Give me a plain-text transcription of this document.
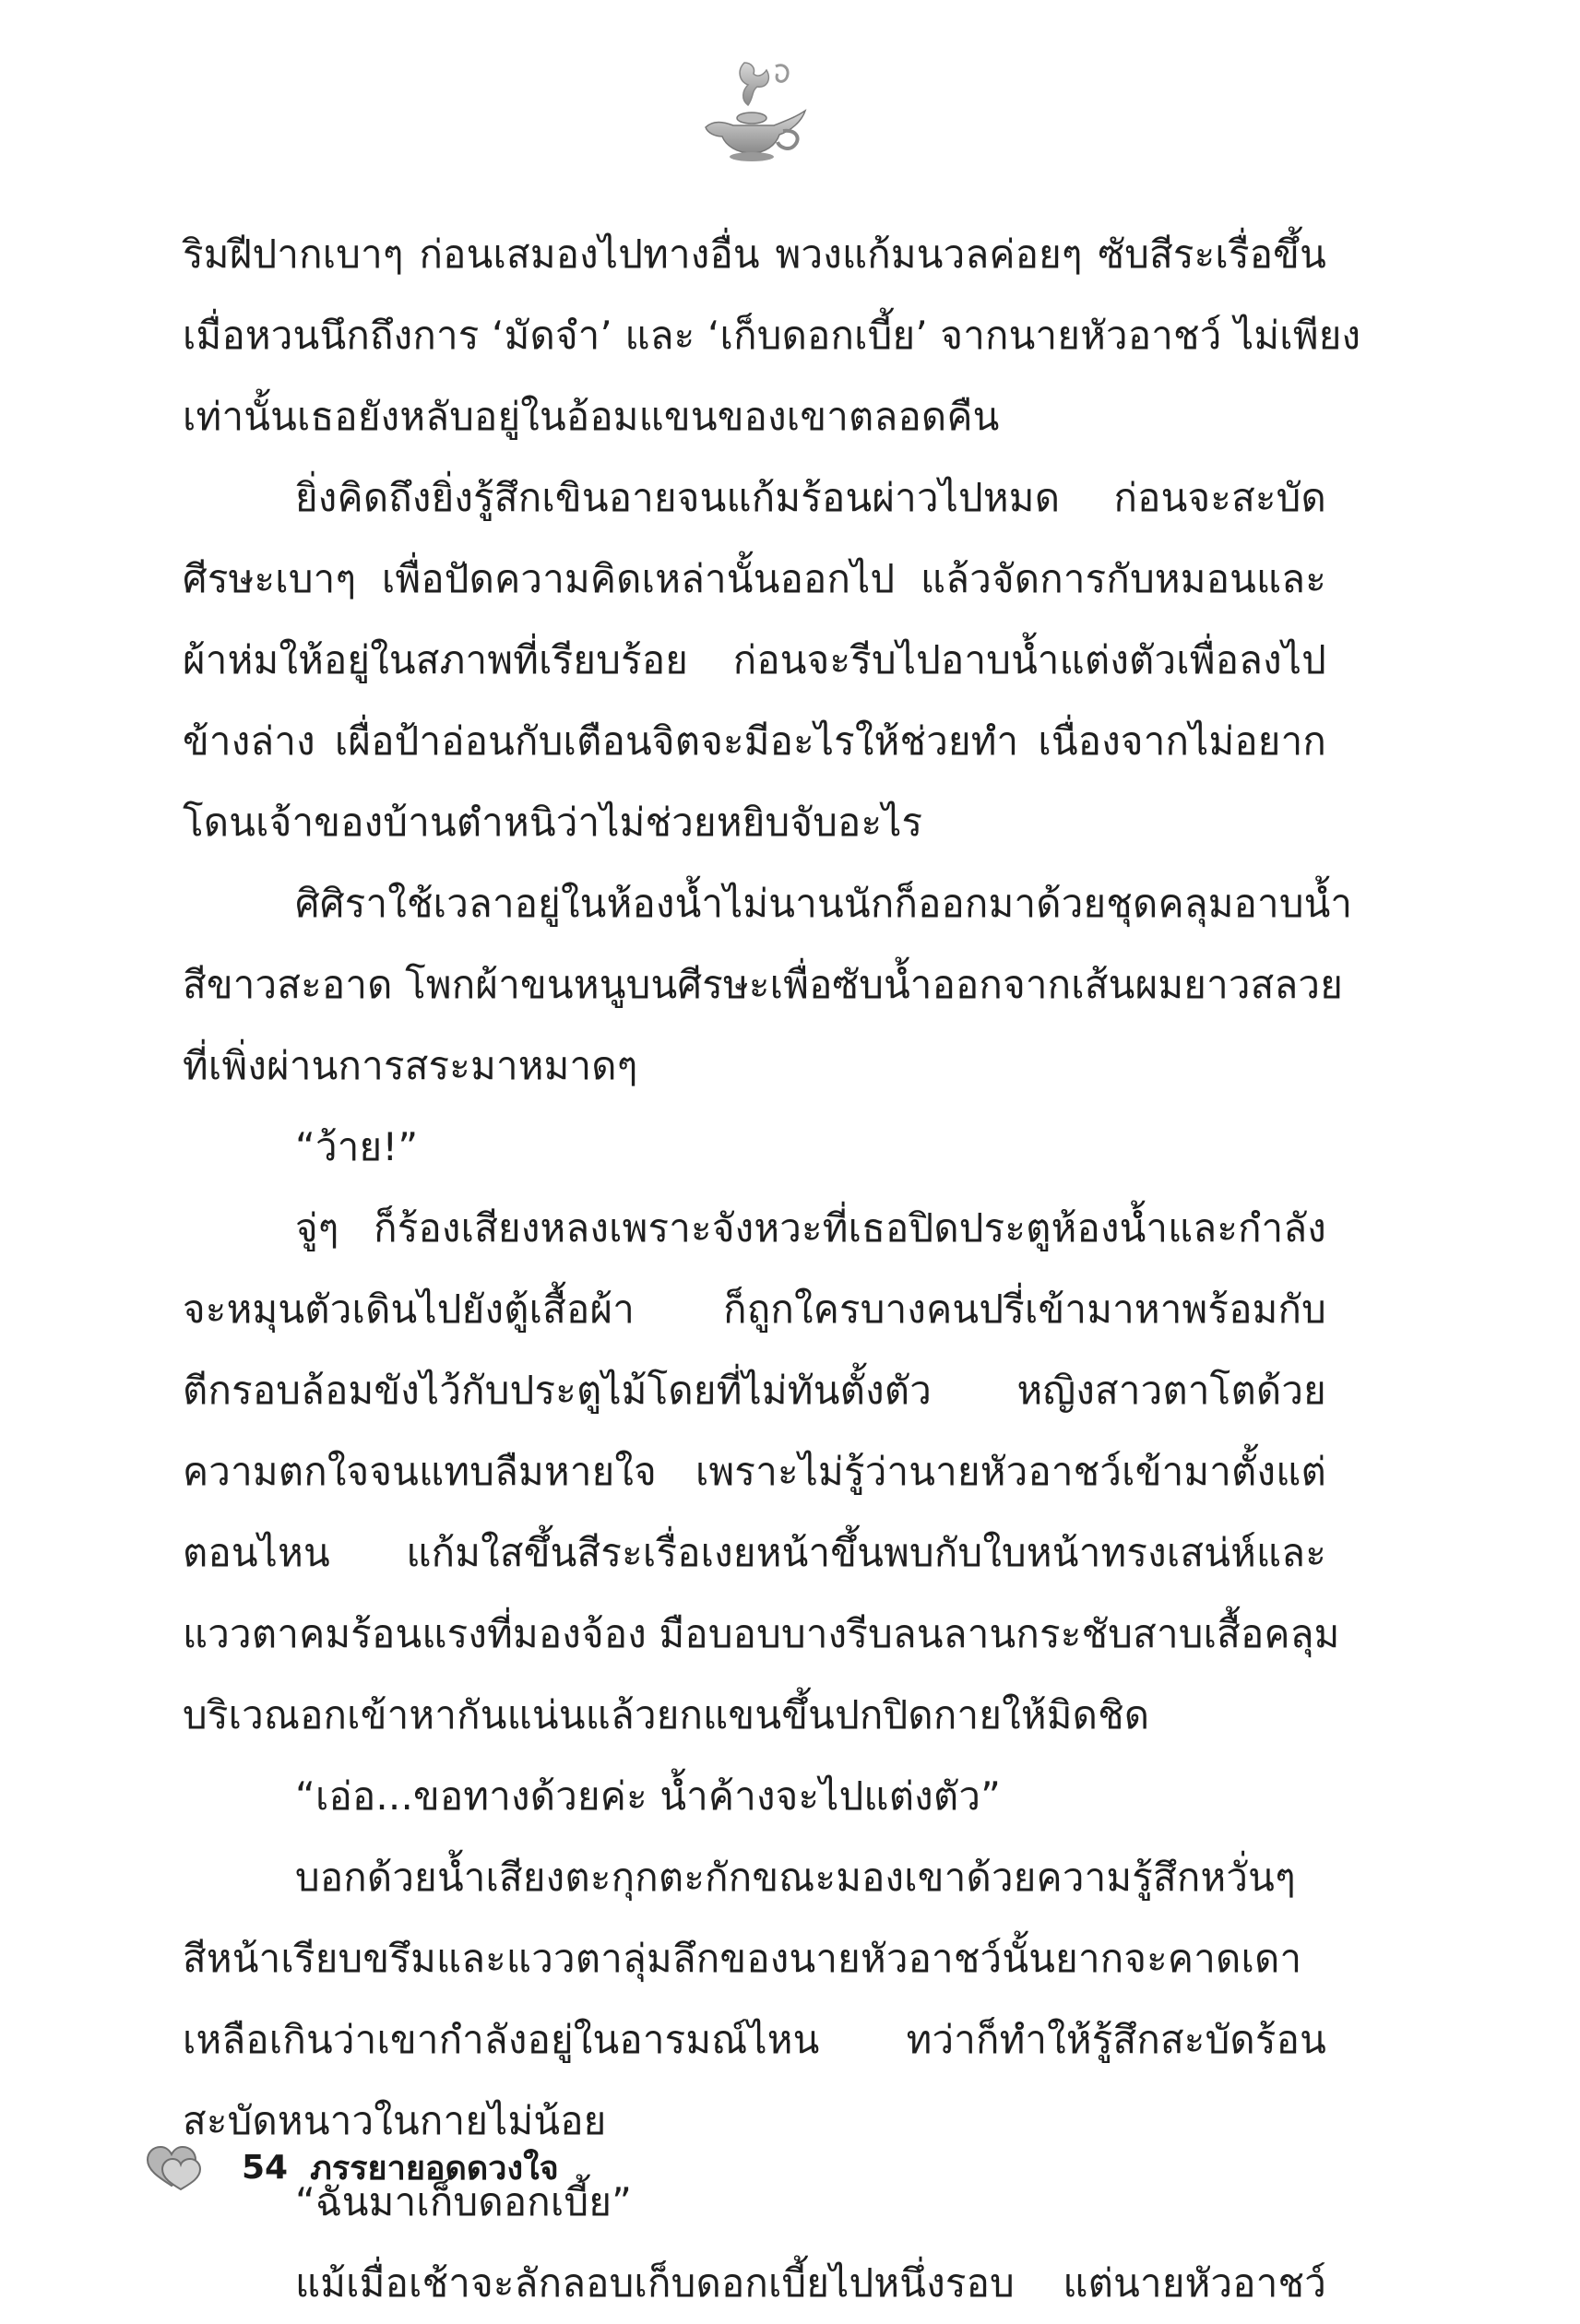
ริมฝีปากเบาๆ ก่อนเสมองไปทางอื่น พวงแก้มนวลค่อยๆ ซับสีระเรื่อขึ้น
เมื่อหวนนึกถึงการ ‘มัดจำ’ และ ‘เก็บดอกเบี้ย’ จากนายหัวอาชว์ ไม่เพียง
เท่านั้นเธอยังหลับอยู่ในอ้อมแขนของเขาตลอดคืน
ยิ่งคิดถึงยิ่งรู้สึกเขินอายจนแก้มร้อนผ่าวไปหมด ก่อนจะสะบัด
ศีรษะเบาๆ เพื่อปัดความคิดเหล่านั้นออกไป แล้วจัดการกับหมอนและ
ผ้าห่มให้อยู่ในสภาพที่เรียบร้อย ก่อนจะรีบไปอาบน้ำแต่งตัวเพื่อลงไป
ข้างล่าง เผื่อป้าอ่อนกับเตือนจิตจะมีอะไรให้ช่วยทำ เนื่องจากไม่อยาก
โดนเจ้าของบ้านตำหนิว่าไม่ช่วยหยิบจับอะไร
ศิศิราใช้เวลาอยู่ในห้องน้ำไม่นานนักก็ออกมาด้วยชุดคลุมอาบน้ำ
สีขาวสะอาด โพกผ้าขนหนูบนศีรษะเพื่อซับน้ำออกจากเส้นผมยาวสลวย
ที่เพิ่งผ่านการสระมาหมาดๆ
“ว้าย!”
จู่ๆ ก็ร้องเสียงหลงเพราะจังหวะที่เธอปิดประตูห้องน้ำและกำลัง
จะหมุนตัวเดินไปยังตู้เสื้อผ้า ก็ถูกใครบางคนปรี่เข้ามาหาพร้อมกับ
ตีกรอบล้อมขังไว้กับประตูไม้โดยที่ไม่ทันตั้งตัว หญิงสาวตาโตด้วย
ความตกใจจนแทบลืมหายใจ เพราะไม่รู้ว่านายหัวอาชว์เข้ามาตั้งแต่
ตอนไหน แก้มใสขึ้นสีระเรื่อเงยหน้าขึ้นพบกับใบหน้าทรงเสน่ห์และ
แววตาคมร้อนแรงที่มองจ้อง มือบอบบางรีบลนลานกระชับสาบเสื้อคลุม
บริเวณอกเข้าหากันแน่นแล้วยกแขนขึ้นปกปิดกายให้มิดชิด
“เอ่อ...ขอทางด้วยค่ะ น้ำค้างจะไปแต่งตัว”
บอกด้วยน้ำเสียงตะกุกตะกักขณะมองเขาด้วยความรู้สึกหวั่นๆ
สีหน้าเรียบขรึมและแววตาลุ่มลึกของนายหัวอาชว์นั้นยากจะคาดเดา
เหลือเกินว่าเขากำลังอยู่ในอารมณ์ไหน ทว่าก็ทำให้รู้สึกสะบัดร้อน
สะบัดหนาวในกายไม่น้อย
“ฉันมาเก็บดอกเบี้ย”
แม้เมื่อเช้าจะลักลอบเก็บดอกเบี้ยไปหนึ่งรอบ แต่นายหัวอาชว์
54 ภรรยายอดดวงใจ
